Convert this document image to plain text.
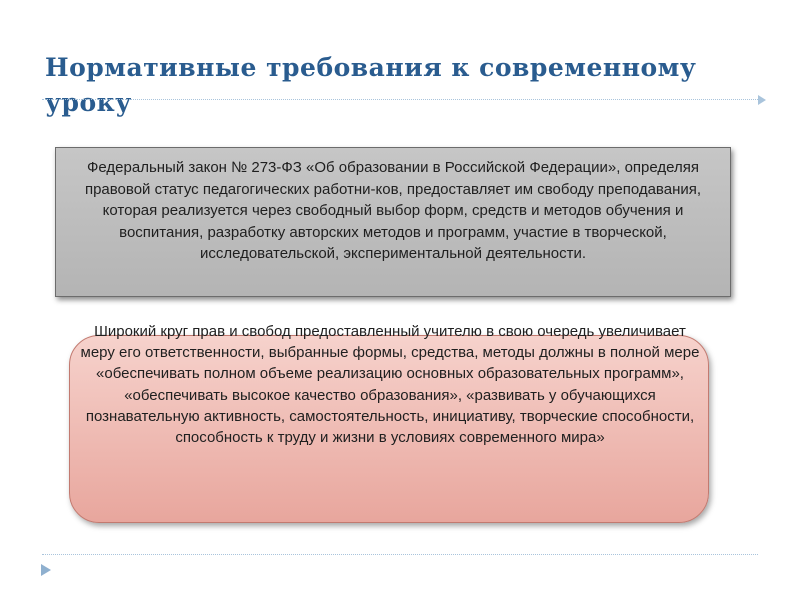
Нормативные требования к современному уроку
Федеральный закон № 273-ФЗ «Об образовании в Российской Федерации», определяя правовой статус педагогических работни-ков, предоставляет им свободу преподавания, которая реализуется через свободный выбор форм, средств и методов обучения и воспитания, разработку авторских методов и программ, участие в творческой, исследовательской, экспериментальной деятельности.

Широкий круг прав и свобод предоставленный учителю в свою очередь увеличивает меру его ответственности, выбранные формы, средства, методы должны в полной мере «обеспечивать полном объеме реализацию основных образовательных программ», «обеспечивать высокое качество образования», «развивать у обучающихся познавательную активность, самостоятельность, инициативу, творческие способности, способность к труду и жизни в условиях современного мира»
